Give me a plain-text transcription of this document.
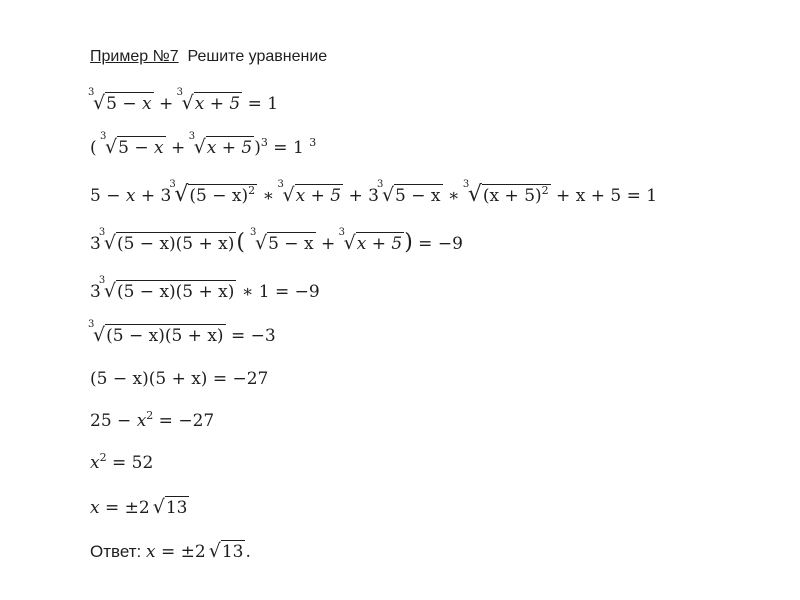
Пример №7 Решите уравнение
3
√5 − x +
3
√x + 5 = 1
(
3
√5 − x +
3
√x + 5 )$^3$ = 1 $^3$
5 − x + 3
3
$√(5 - x)^2$ ∗
3
√x + 5 + 3
3
√5 − x ∗
3
$√(x + 5)^2 + x + 5 = 1$
3
3
√(5 − x)(5 + x)(
3
√5 − x +
3
√x + 5) = −9
3
3
√(5 − x)(5 + x) ∗ 1 = −9
3
√(5 − x)(5 + x) = −3
(5 − x)(5 + x) = −27
$25 - x^2 = -27$
$x^2 = 52$
x = ±2 √13
Ответ: x = ±2 √13 .
